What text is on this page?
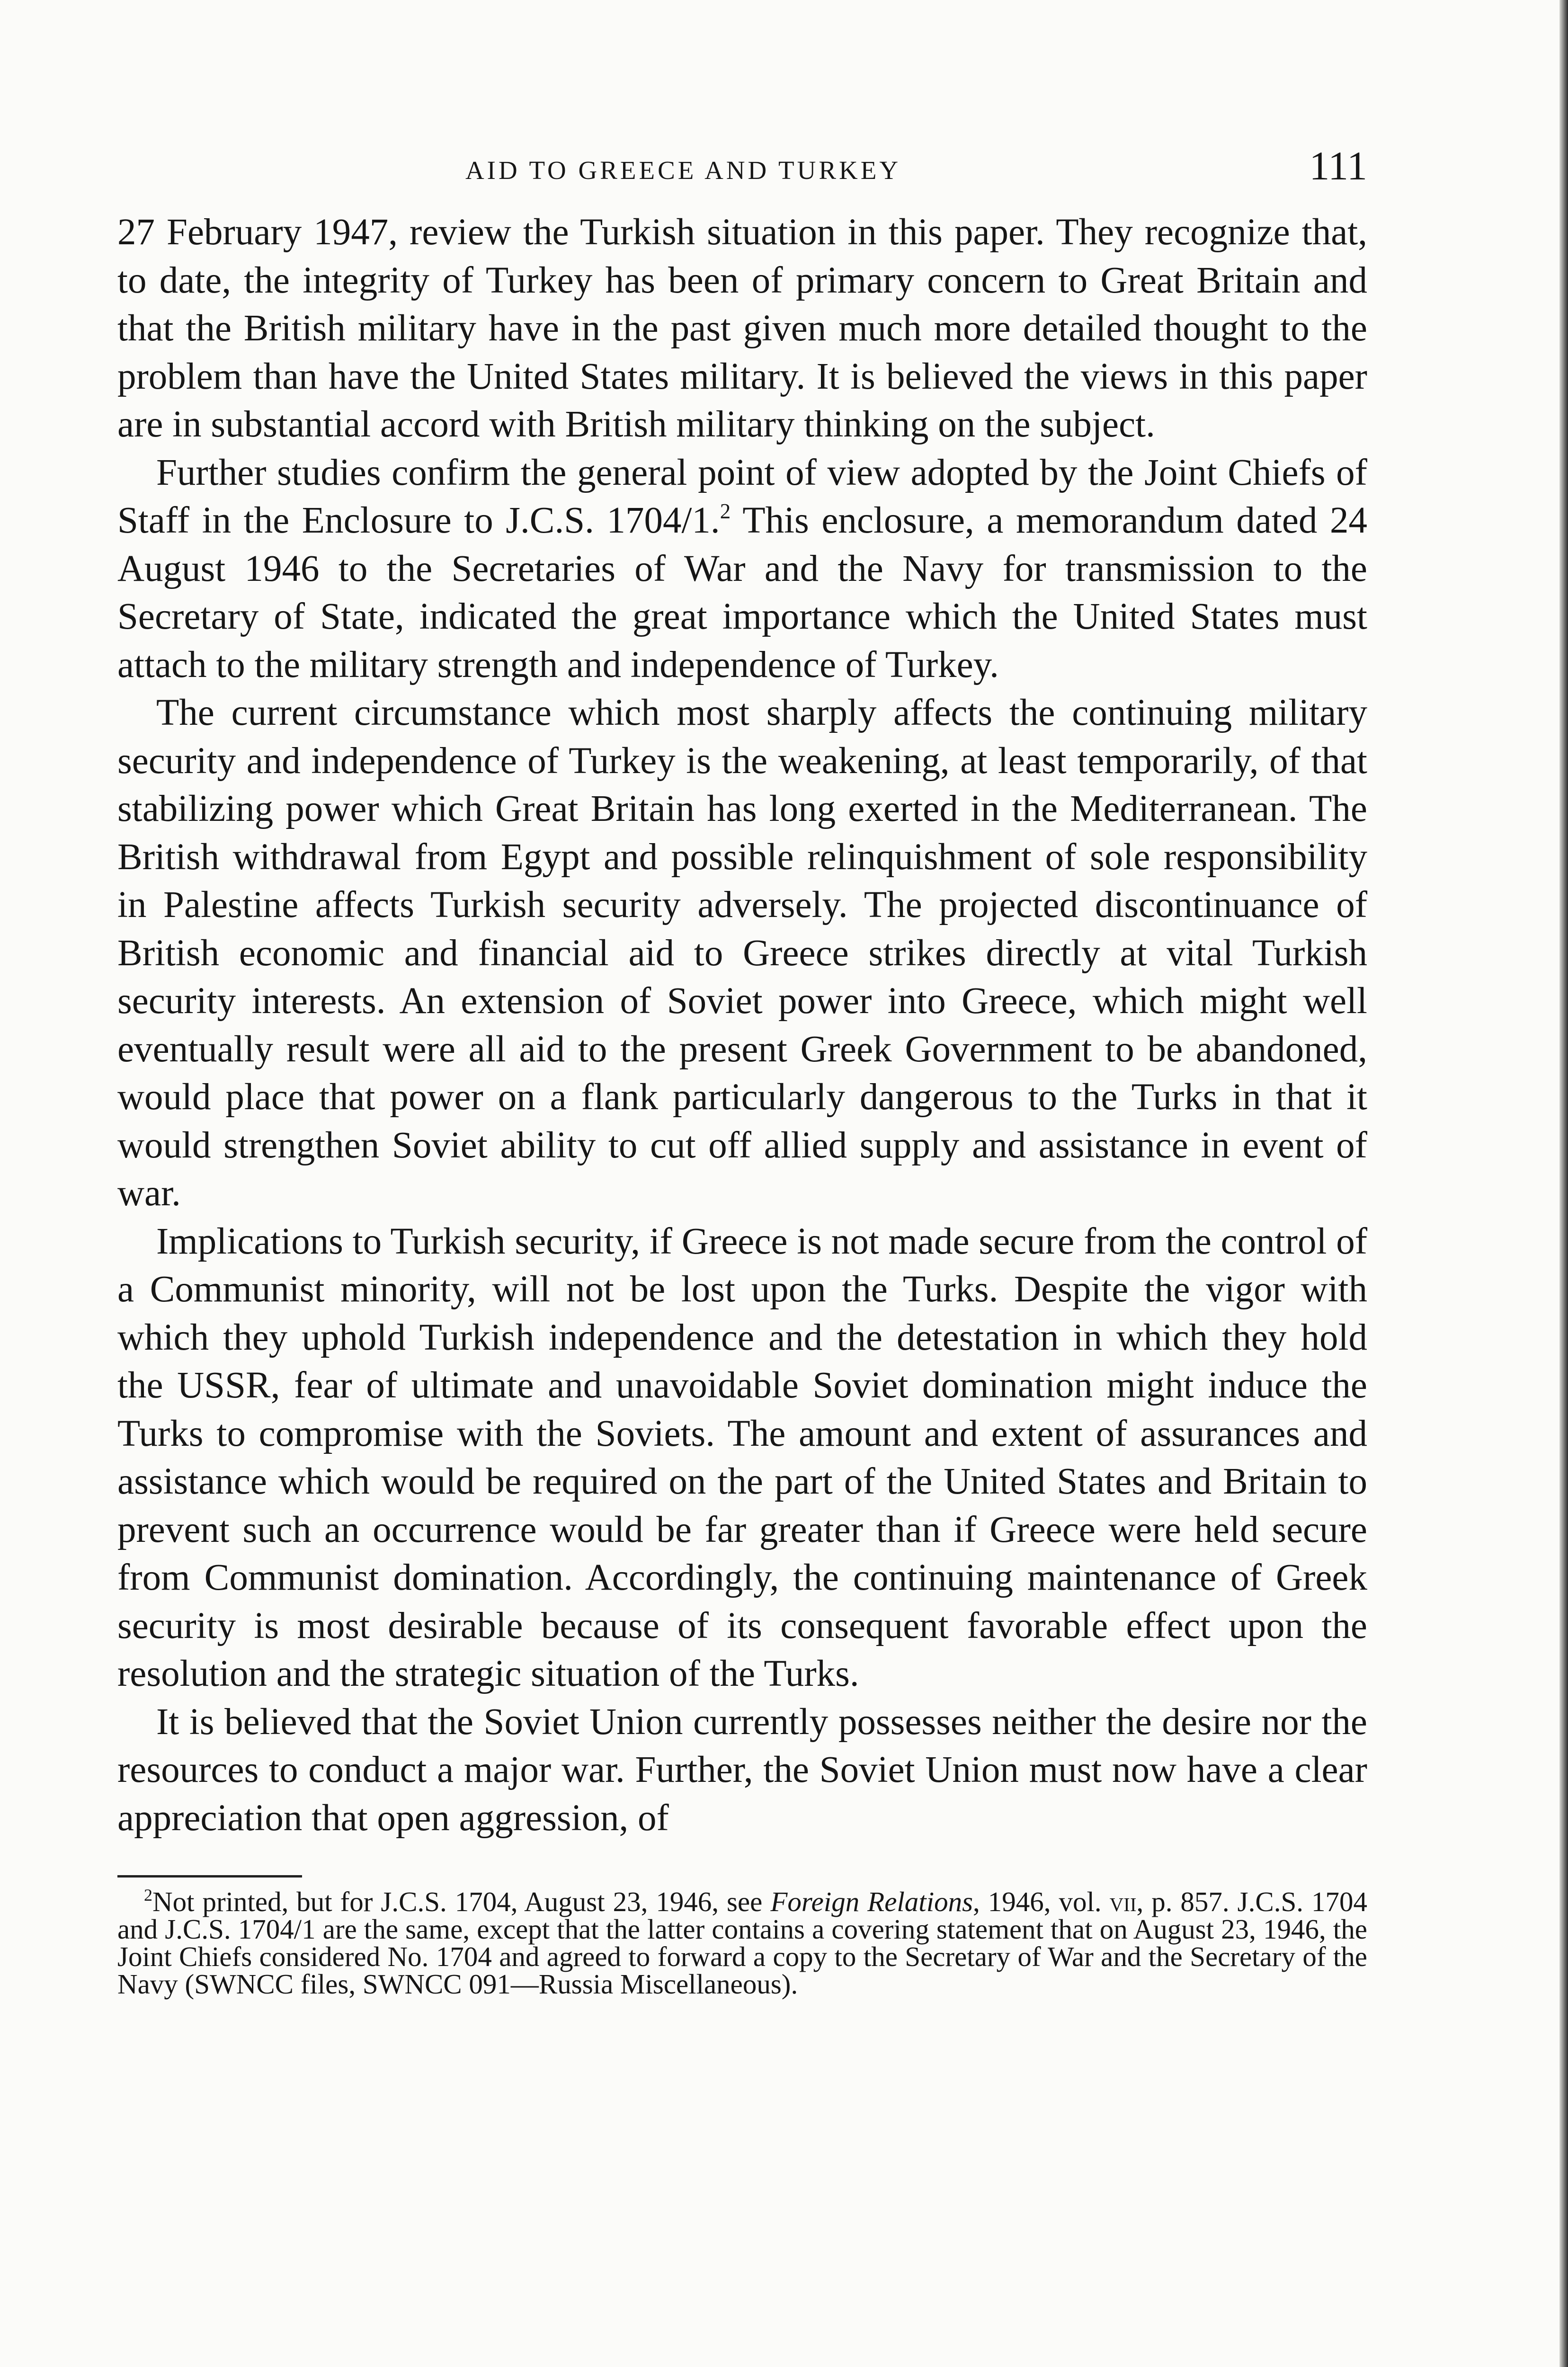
AID TO GREECE AND TURKEY	111

27 February 1947, review the Turkish situation in this paper. They recognize that, to date, the integrity of Turkey has been of primary concern to Great Britain and that the British military have in the past given much more detailed thought to the problem than have the United States military. It is believed the views in this paper are in substantial accord with British military thinking on the subject.

Further studies confirm the general point of view adopted by the Joint Chiefs of Staff in the Enclosure to J.C.S. 1704/1.$^2$ This enclosure, a memorandum dated 24 August 1946 to the Secretaries of War and the Navy for transmission to the Secretary of State, indicated the great importance which the United States must attach to the military strength and independence of Turkey.

The current circumstance which most sharply affects the continuing military security and independence of Turkey is the weakening, at least temporarily, of that stabilizing power which Great Britain has long exerted in the Mediterranean. The British withdrawal from Egypt and possible relinquishment of sole responsibility in Palestine affects Turkish security adversely. The projected discontinuance of British economic and financial aid to Greece strikes directly at vital Turkish security interests. An extension of Soviet power into Greece, which might well eventually result were all aid to the present Greek Government to be abandoned, would place that power on a flank particularly dangerous to the Turks in that it would strengthen Soviet ability to cut off allied supply and assistance in event of war.

Implications to Turkish security, if Greece is not made secure from the control of a Communist minority, will not be lost upon the Turks. Despite the vigor with which they uphold Turkish independence and the detestation in which they hold the USSR, fear of ultimate and unavoidable Soviet domination might induce the Turks to compromise with the Soviets. The amount and extent of assurances and assistance which would be required on the part of the United States and Britain to prevent such an occurrence would be far greater than if Greece were held secure from Communist domination. Accordingly, the continuing maintenance of Greek security is most desirable because of its consequent favorable effect upon the resolution and the strategic situation of the Turks.

It is believed that the Soviet Union currently possesses neither the desire nor the resources to conduct a major war. Further, the Soviet Union must now have a clear appreciation that open aggression, of

$^2$Not printed, but for J.C.S. 1704, August 23, 1946, see Foreign Relations, 1946, vol. vii, p. 857. J.C.S. 1704 and J.C.S. 1704/1 are the same, except that the latter contains a covering statement that on August 23, 1946, the Joint Chiefs considered No. 1704 and agreed to forward a copy to the Secretary of War and the Secretary of the Navy (SWNCC files, SWNCC 091—Russia Miscellaneous).
